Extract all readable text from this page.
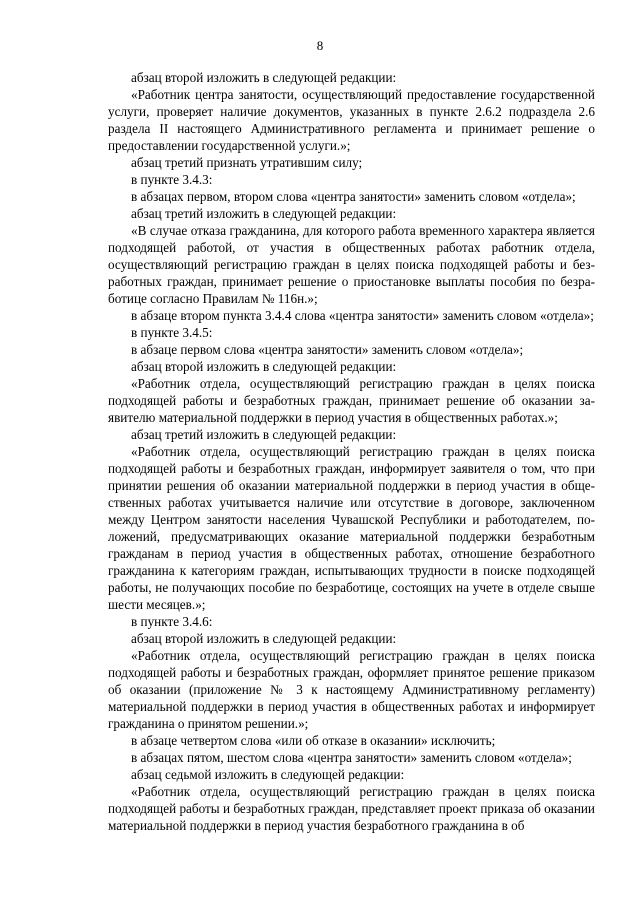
8

абзац второй изложить в следующей редакции:

«Работник центра занятости, осуществляющий предоставление государственной услуги, проверяет наличие документов, указанных в пункте 2.6.2 подраздела 2.6 раздела II настоящего Административного регламента и принимает решение о предоставлении государственной услуги.»;

абзац третий признать утратившим силу;

в пункте 3.4.3:

в абзацах первом, втором слова «центра занятости» заменить словом «отдела»;

абзац третий изложить в следующей редакции:

«В случае отказа гражданина, для которого работа временного характера является подходящей работой, от участия в общественных работах работник отдела, осуществляющий регистрацию граждан в целях поиска подходящей работы и безработных граждан, принимает решение о приостановке выплаты пособия по безработице согласно Правилам № 116н.»;

в абзаце втором пункта 3.4.4 слова «центра занятости» заменить словом «отдела»;

в пункте 3.4.5:

в абзаце первом слова «центра занятости» заменить словом «отдела»;

абзац второй изложить в следующей редакции:

«Работник отдела, осуществляющий регистрацию граждан в целях поиска подходящей работы и безработных граждан, принимает решение об оказании заявителю материальной поддержки в период участия в общественных работах.»;

абзац третий изложить в следующей редакции:

«Работник отдела, осуществляющий регистрацию граждан в целях поиска подходящей работы и безработных граждан, информирует заявителя о том, что при принятии решения об оказании материальной поддержки в период участия в общественных работах учитывается наличие или отсутствие в договоре, заключенном между Центром занятости населения Чувашской Республики и работодателем, положений, предусматривающих оказание материальной поддержки безработным гражданам в период участия в общественных работах, отношение безработного гражданина к категориям граждан, испытывающих трудности в поиске подходящей работы, не получающих пособие по безработице, состоящих на учете в отделе свыше шести месяцев.»;

в пункте 3.4.6:

абзац второй изложить в следующей редакции:

«Работник отдела, осуществляющий регистрацию граждан в целях поиска подходящей работы и безработных граждан, оформляет принятое решение приказом об оказании (приложение № 3 к настоящему Административному регламенту) материальной поддержки в период участия в общественных работах и информирует гражданина о принятом решении.»;

в абзаце четвертом слова «или об отказе в оказании» исключить;

в абзацах пятом, шестом слова «центра занятости» заменить словом «отдела»;

абзац седьмой изложить в следующей редакции:

«Работник отдела, осуществляющий регистрацию граждан в целях поиска подходящей работы и безработных граждан, представляет проект приказа об оказании материальной поддержки в период участия безработного гражданина в об
